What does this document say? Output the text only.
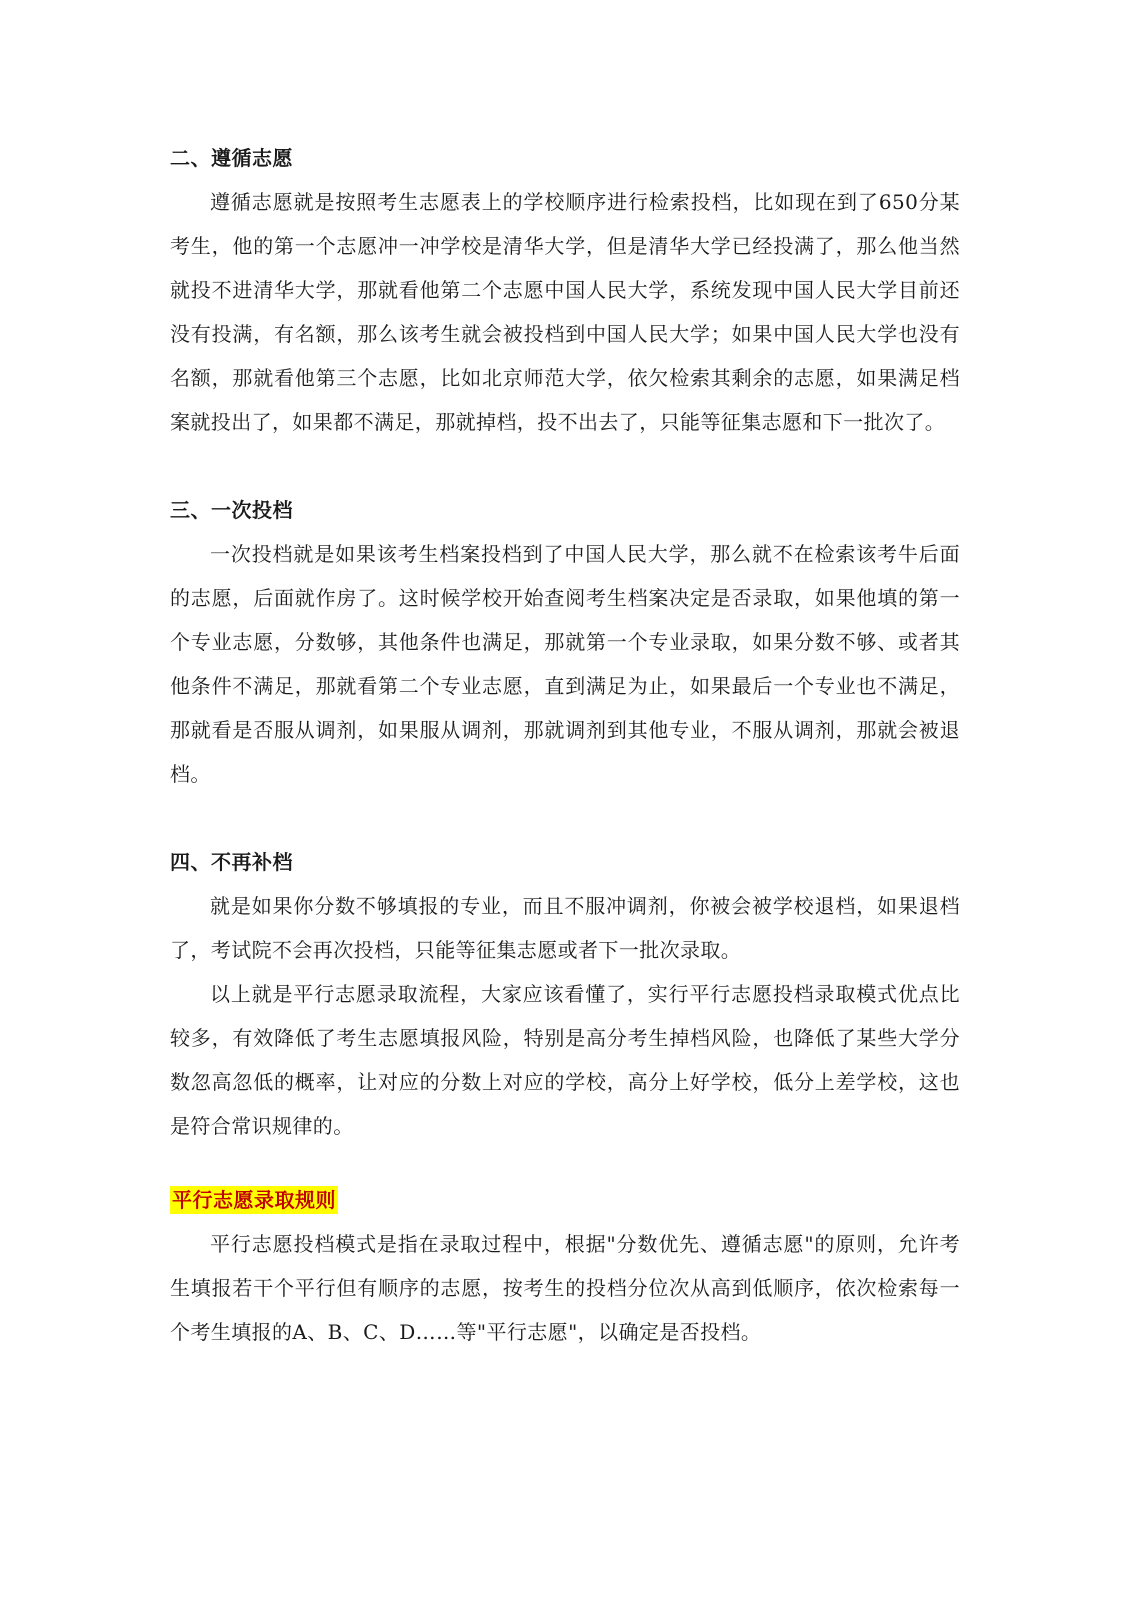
二、遵循志愿

遵循志愿就是按照考生志愿表上的学校顺序进行检索投档，比如现在到了650分某考生，他的第一个志愿冲一冲学校是清华大学，但是清华大学已经投满了，那么他当然就投不进清华大学，那就看他第二个志愿中国人民大学，系统发现中国人民大学目前还没有投满，有名额，那么该考生就会被投档到中国人民大学；如果中国人民大学也没有名额，那就看他第三个志愿，比如北京师范大学，依欠检索其剩余的志愿，如果满足档案就投出了，如果都不满足，那就掉档，投不出去了，只能等征集志愿和下一批次了。

三、一次投档

一次投档就是如果该考生档案投档到了中国人民大学，那么就不在检索该考牛后面的志愿，后面就作房了。这时候学校开始查阅考生档案决定是否录取，如果他填的第一个专业志愿，分数够，其他条件也满足，那就第一个专业录取，如果分数不够、或者其他条件不满足，那就看第二个专业志愿，直到满足为止，如果最后一个专业也不满足，那就看是否服从调剂，如果服从调剂，那就调剂到其他专业，不服从调剂，那就会被退档。

四、不再补档

就是如果你分数不够填报的专业，而且不服冲调剂，你被会被学校退档，如果退档了，考试院不会再次投档，只能等征集志愿或者下一批次录取。

以上就是平行志愿录取流程，大家应该看懂了，实行平行志愿投档录取模式优点比较多，有效降低了考生志愿填报风险，特别是高分考生掉档风险，也降低了某些大学分数忽高忽低的概率，让对应的分数上对应的学校，高分上好学校，低分上差学校，这也是符合常识规律的。

平行志愿录取规则

平行志愿投档模式是指在录取过程中，根据"分数优先、遵循志愿"的原则，允许考生填报若干个平行但有顺序的志愿，按考生的投档分位次从高到低顺序，依次检索每一个考生填报的A、B、C、D……等"平行志愿"，以确定是否投档。
